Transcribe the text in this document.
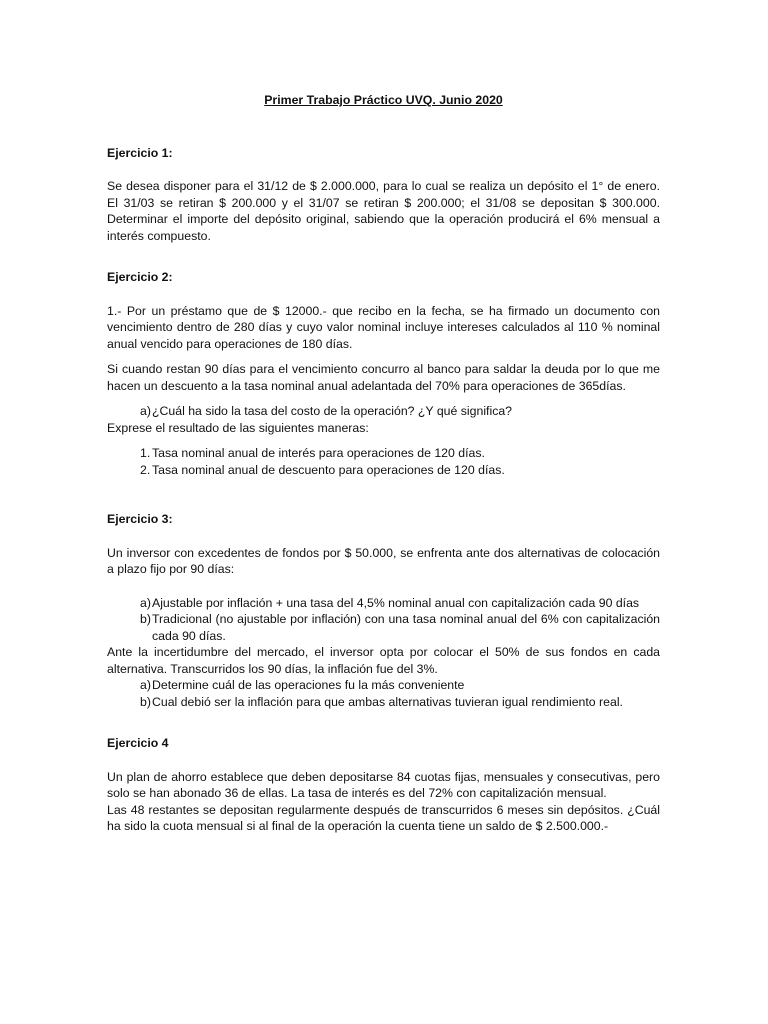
Primer Trabajo Práctico UVQ. Junio 2020

Ejercicio 1:

Se desea disponer para el 31/12 de $ 2.000.000, para lo cual se realiza un depósito el 1° de enero. El 31/03 se retiran $ 200.000 y el 31/07 se retiran $ 200.000; el 31/08 se depositan $ 300.000. Determinar el importe del depósito original, sabiendo que la operación producirá el 6% mensual a interés compuesto.

Ejercicio 2:

1.- Por un préstamo que de $ 12000.- que recibo en la fecha, se ha firmado un documento con vencimiento dentro de 280 días y cuyo valor nominal incluye intereses calculados al 110 % nominal anual vencido para operaciones de 180 días.

Si cuando restan 90 días para el vencimiento concurro al banco para saldar la deuda por lo que me hacen un descuento a la tasa nominal anual adelantada del 70% para operaciones de 365días.

a) ¿Cuál ha sido la tasa del costo de la operación? ¿Y qué significa?

Exprese el resultado de las siguientes maneras:

1. Tasa nominal anual de interés para operaciones de 120 días.
2. Tasa nominal anual de descuento para operaciones de 120 días.

Ejercicio 3:

Un inversor con excedentes de fondos por $ 50.000, se enfrenta ante dos alternativas de colocación a plazo fijo por 90 días:

a) Ajustable por inflación + una tasa del 4,5% nominal anual con capitalización cada 90 días
b) Tradicional (no ajustable por inflación) con una tasa nominal anual del 6% con capitalización cada 90 días.

Ante la incertidumbre del mercado, el inversor opta por colocar el 50% de sus fondos en cada alternativa. Transcurridos los 90 días, la inflación fue del 3%.

a) Determine cuál de las operaciones fu la más conveniente
b) Cual debió ser la inflación para que ambas alternativas tuvieran igual rendimiento real.

Ejercicio 4

Un plan de ahorro establece que deben depositarse 84 cuotas fijas, mensuales y consecutivas, pero solo se han abonado 36 de ellas. La tasa de interés es del 72% con capitalización mensual.

Las 48 restantes se depositan regularmente después de transcurridos 6 meses sin depósitos. ¿Cuál ha sido la cuota mensual si al final de la operación la cuenta tiene un saldo de $ 2.500.000.-
